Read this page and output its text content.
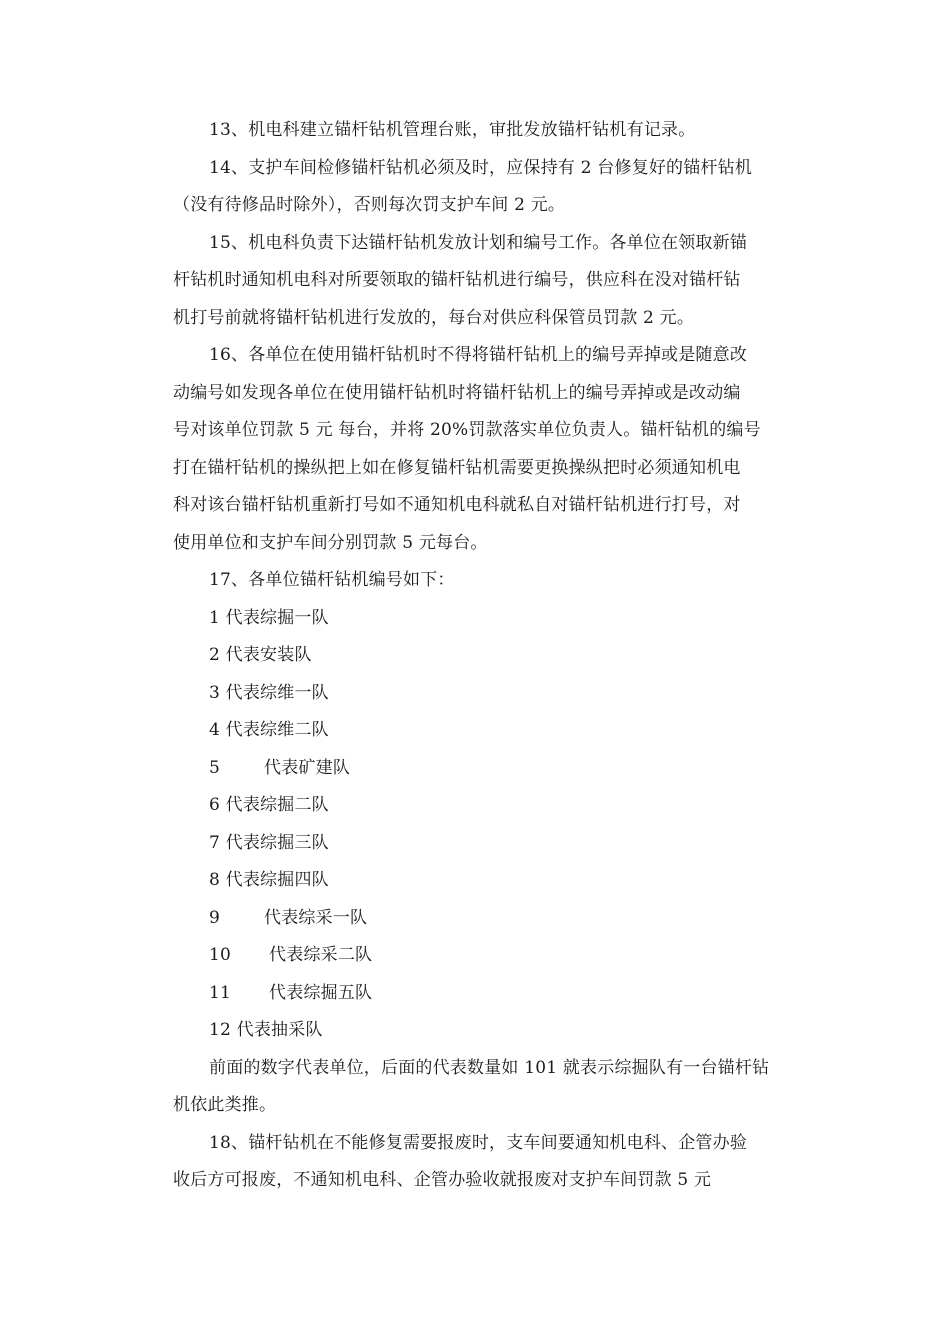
13、机电科建立锚杆钻机管理台账，审批发放锚杆钻机有记录。
14、支护车间检修锚杆钻机必须及时，应保持有 2 台修复好的锚杆钻机
（没有待修品时除外），否则每次罚支护车间 2 元。
15、机电科负责下达锚杆钻机发放计划和编号工作。各单位在领取新锚
杆钻机时通知机电科对所要领取的锚杆钻机进行编号，供应科在没对锚杆钻
机打号前就将锚杆钻机进行发放的，每台对供应科保管员罚款 2 元。
16、各单位在使用锚杆钻机时不得将锚杆钻机上的编号弄掉或是随意改
动编号如发现各单位在使用锚杆钻机时将锚杆钻机上的编号弄掉或是改动编
号对该单位罚款 5 元 每台，并将 20%罚款落实单位负责人。锚杆钻机的编号
打在锚杆钻机的操纵把上如在修复锚杆钻机需要更换操纵把时必须通知机电
科对该台锚杆钻机重新打号如不通知机电科就私自对锚杆钻机进行打号，对
使用单位和支护车间分别罚款 5 元每台。
17、各单位锚杆钻机编号如下：
1 代表综掘一队
2 代表安装队
3 代表综维一队
4 代表综维二队
5	代表矿建队
6 代表综掘二队
7 代表综掘三队
8 代表综掘四队
9	代表综采一队
10 代表综采二队
11 代表综掘五队
12 代表抽采队
前面的数字代表单位，后面的代表数量如 101 就表示综掘队有一台锚杆钻
机依此类推。
18、锚杆钻机在不能修复需要报废时，支车间要通知机电科、企管办验
收后方可报废，不通知机电科、企管办验收就报废对支护车间罚款 5 元
